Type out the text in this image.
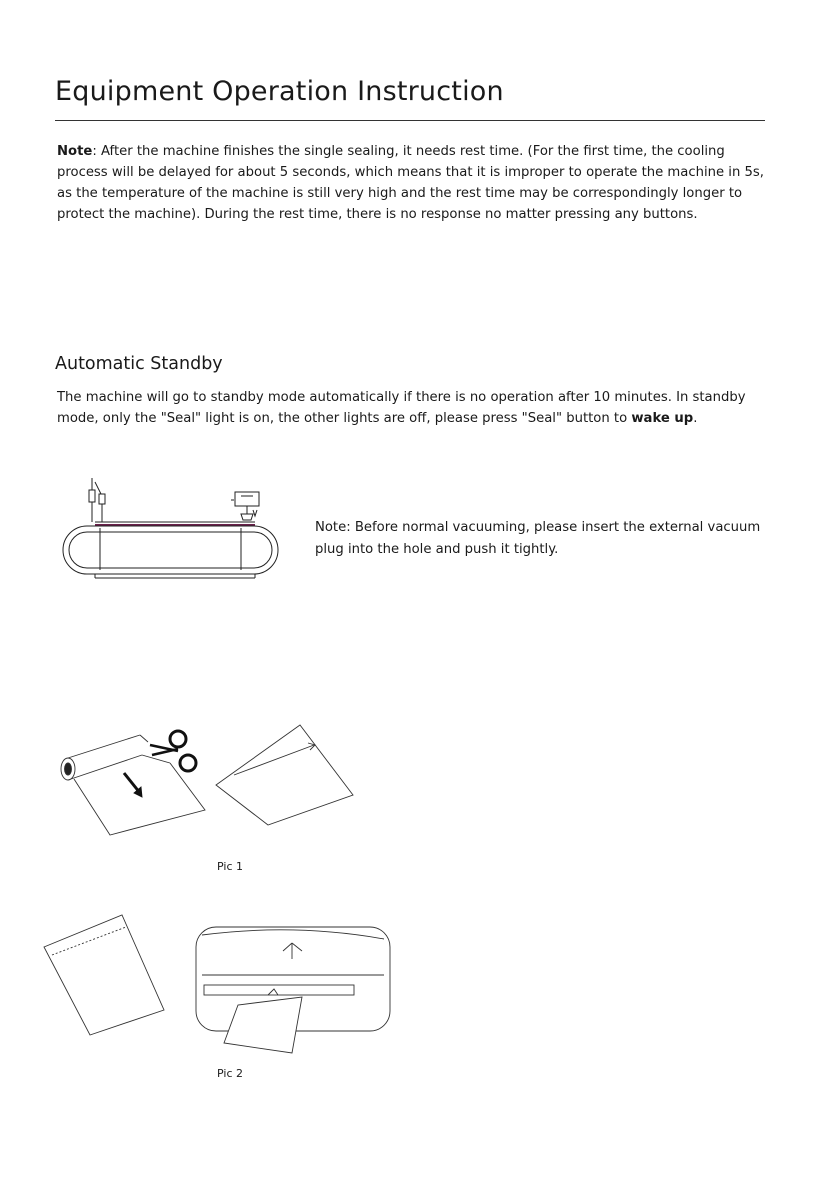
Equipment Operation Instruction

Note: After the machine finishes the single sealing, it needs rest time. (For the first time, the cooling process will be delayed for about 5 seconds, which means that it is improper to operate the machine in 5s, as the temperature of the machine is still very high and the rest time may be correspondingly longer to protect the machine). During the rest time, there is no response no matter pressing any buttons.

Automatic Standby

The machine will go to standby mode automatically if there is no operation after 10 minutes. In standby mode, only the "Seal" light is on, the other lights are off, please press "Seal" button to wake up.

Note: Before normal vacuuming, please insert the external vacuum plug into the hole and push it tightly.

Pic 1

Pic 2
